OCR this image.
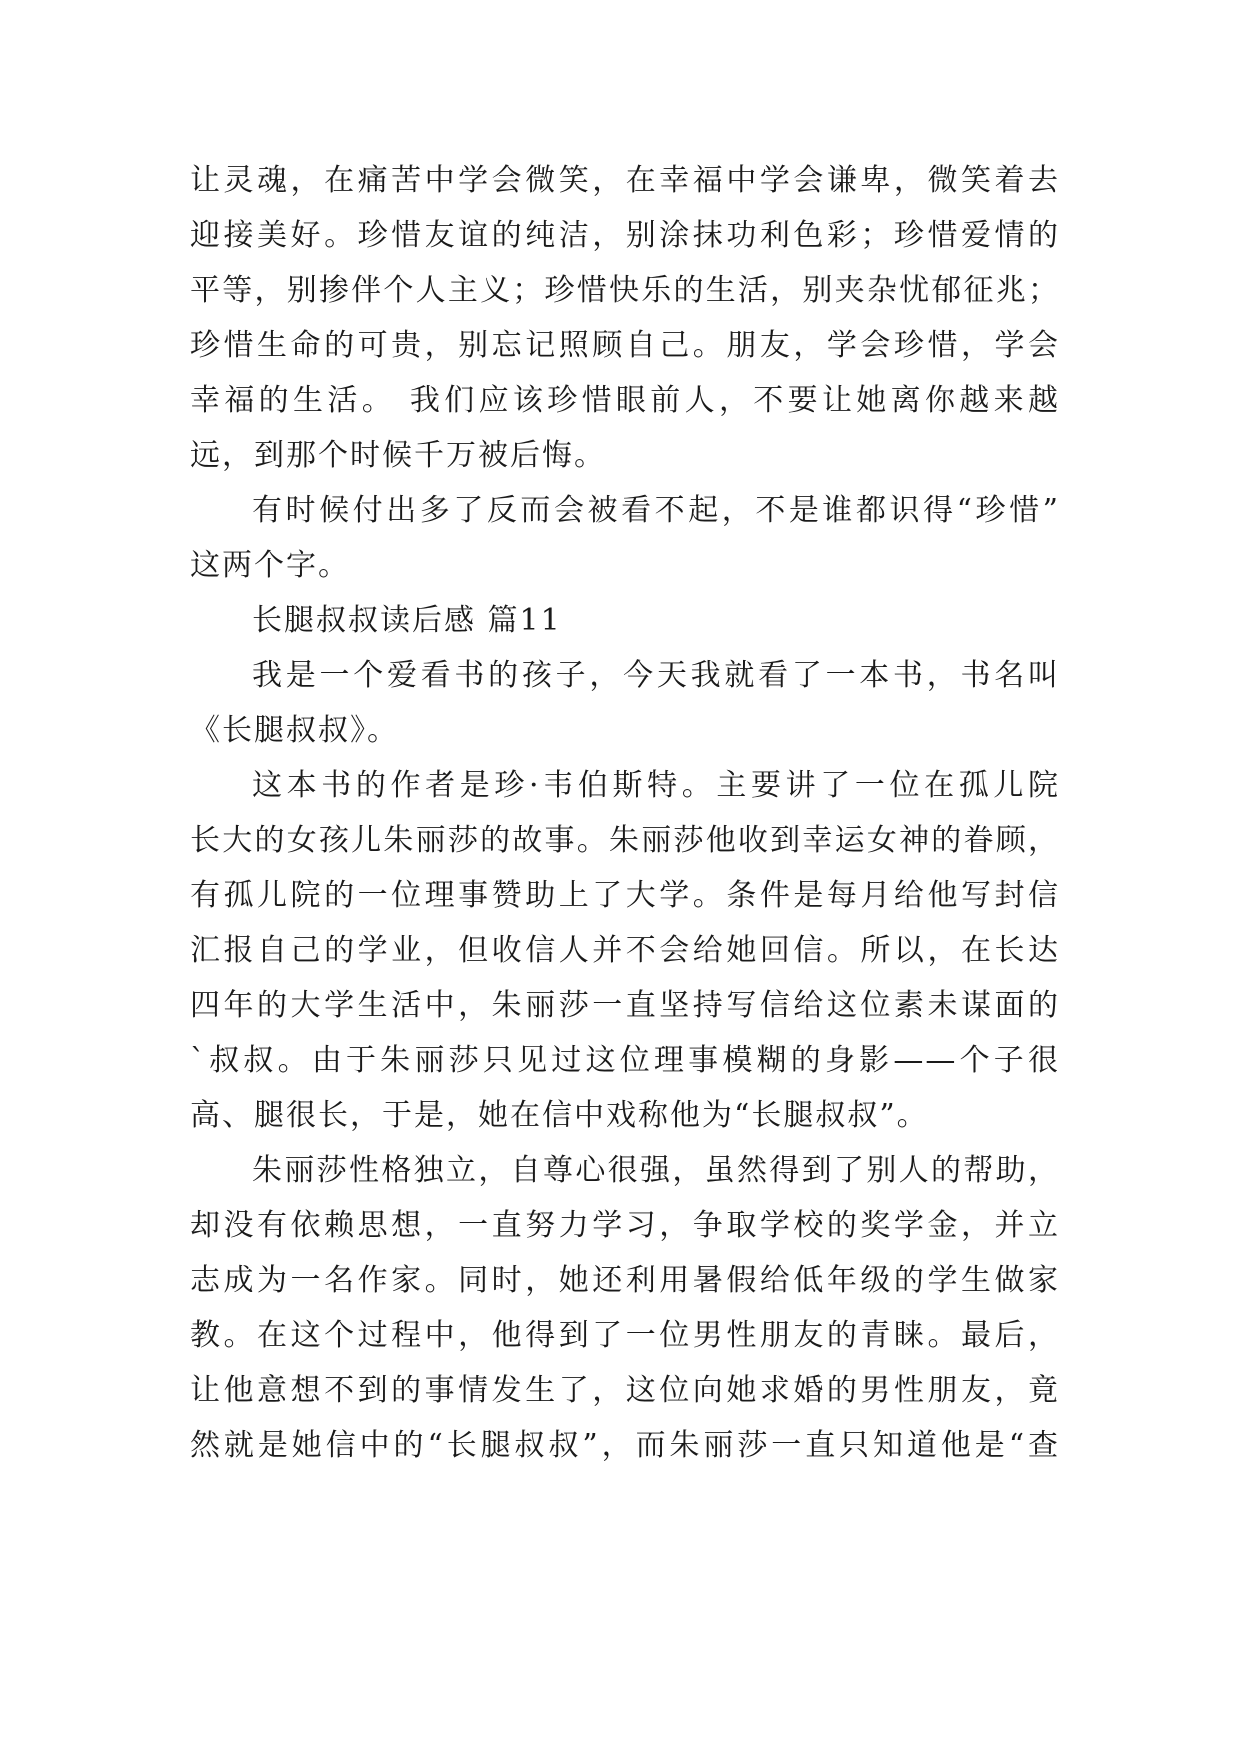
让灵魂，在痛苦中学会微笑，在幸福中学会谦卑，微笑着去
迎接美好。珍惜友谊的纯洁，别涂抹功利色彩；珍惜爱情的
平等，别掺伴个人主义；珍惜快乐的生活，别夹杂忧郁征兆；
珍惜生命的可贵，别忘记照顾自己。朋友，学会珍惜，学会
幸福的生活。 我们应该珍惜眼前人，不要让她离你越来越
远，到那个时候千万被后悔。

有时候付出多了反而会被看不起，不是谁都识得“珍惜”
这两个字。

长腿叔叔读后感 篇11

我是一个爱看书的孩子，今天我就看了一本书，书名叫
《长腿叔叔》。

这本书的作者是珍·韦伯斯特。主要讲了一位在孤儿院
长大的女孩儿朱丽莎的故事。朱丽莎他收到幸运女神的眷顾，
有孤儿院的一位理事赞助上了大学。条件是每月给他写封信
汇报自己的学业，但收信人并不会给她回信。所以，在长达
四年的大学生活中，朱丽莎一直坚持写信给这位素未谋面的
`叔叔。由于朱丽莎只见过这位理事模糊的身影——个子很
高、腿很长，于是，她在信中戏称他为“长腿叔叔”。

朱丽莎性格独立，自尊心很强，虽然得到了别人的帮助，
却没有依赖思想，一直努力学习，争取学校的奖学金，并立
志成为一名作家。同时，她还利用暑假给低年级的学生做家
教。在这个过程中，他得到了一位男性朋友的青睐。最后，
让他意想不到的事情发生了，这位向她求婚的男性朋友，竟
然就是她信中的“长腿叔叔”，而朱丽莎一直只知道他是“查
